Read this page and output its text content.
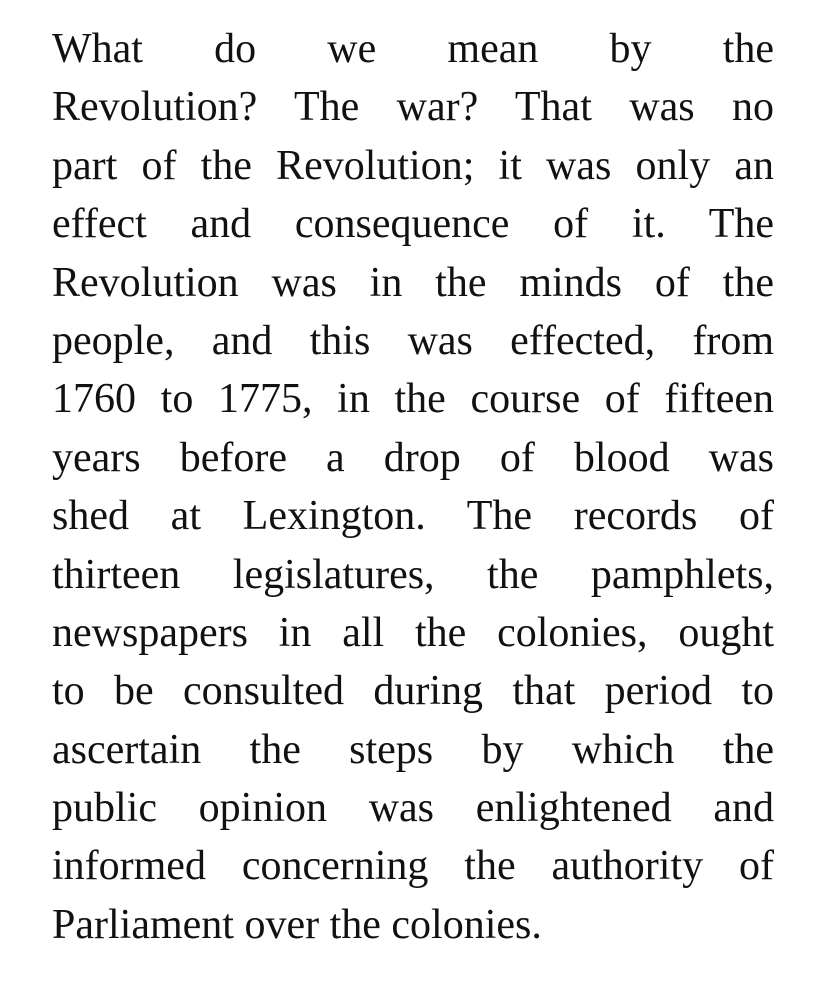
What do we mean by the
Revolution? The war? That was no
part of the Revolution; it was only an
effect and consequence of it. The
Revolution was in the minds of the
people, and this was effected, from
1760 to 1775, in the course of fifteen
years before a drop of blood was
shed at Lexington. The records of
thirteen legislatures, the pamphlets,
newspapers in all the colonies, ought
to be consulted during that period to
ascertain the steps by which the
public opinion was enlightened and
informed concerning the authority of
Parliament over the colonies.
